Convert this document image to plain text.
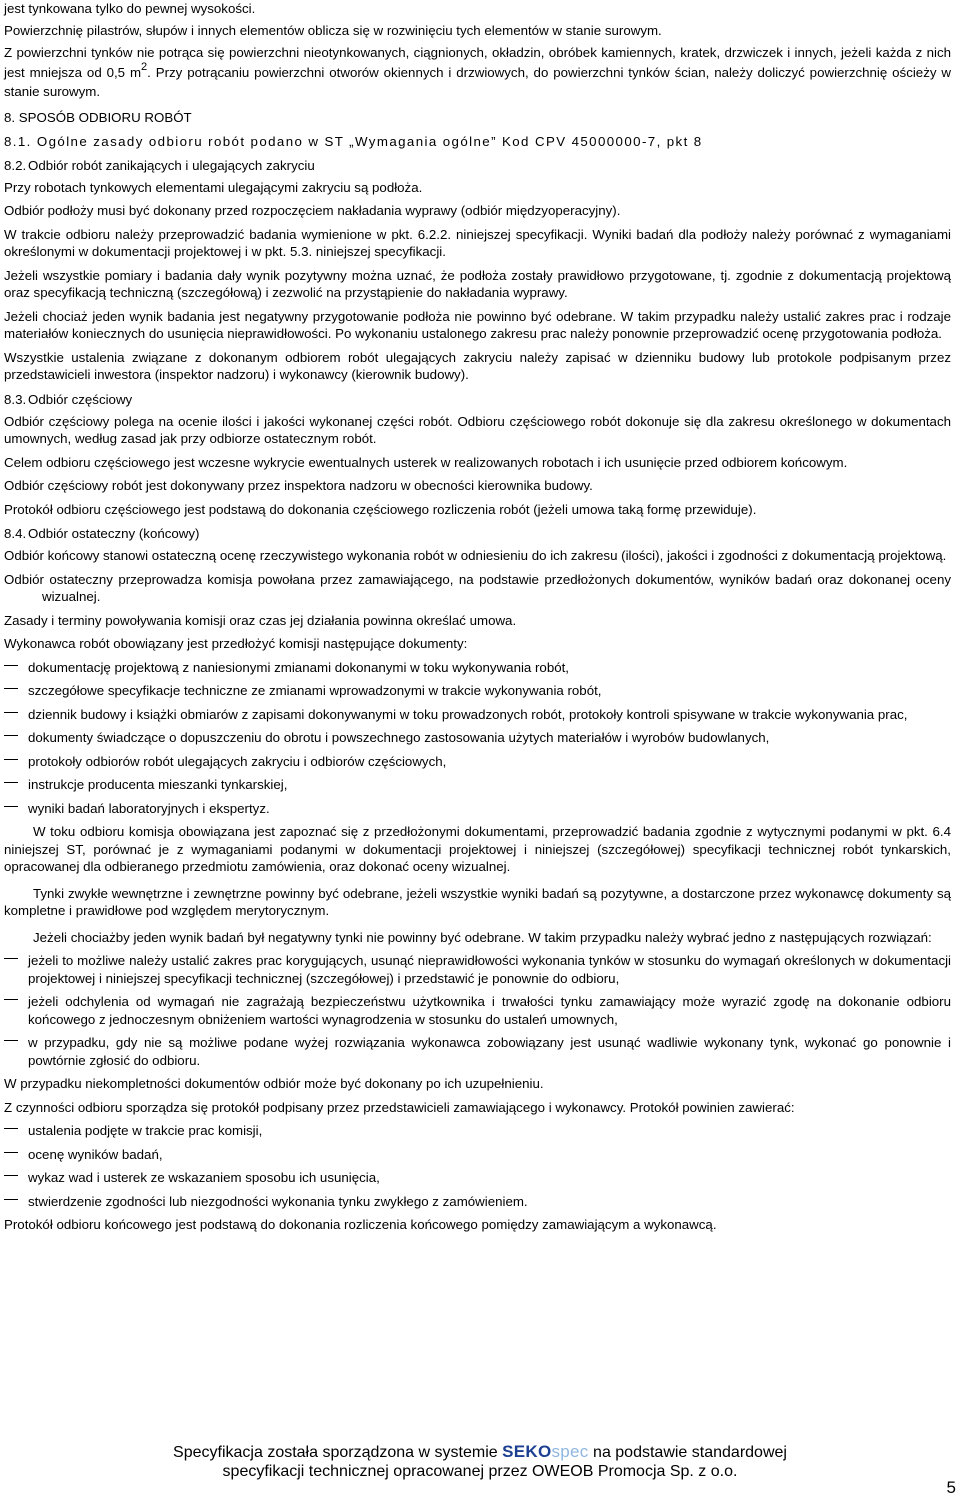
jest tynkowana tylko do pewnej wysokości.

Powierzchnię pilastrów, słupów i innych elementów oblicza się w rozwinięciu tych elementów w stanie surowym.

Z powierzchni tynków nie potrąca się powierzchni nieotynkowanych, ciągnionych, okładzin, obróbek kamiennych, kratek, drzwiczek i innych, jeżeli każda z nich jest mniejsza od 0,5 $m^2$. Przy potrącaniu powierzchni otworów okiennych i drzwiowych, do powierzchni tynków ścian, należy doliczyć powierzchnię ościeży w stanie surowym.

8. SPOSÓB ODBIORU ROBÓT

8.1. Ogólne zasady odbioru robót podano w ST „Wymagania ogólne” Kod CPV 45000000-7, pkt 8

8.2. Odbiór robót zanikających i ulegających zakryciu

Przy robotach tynkowych elementami ulegającymi zakryciu są podłoża.

Odbiór podłoży musi być dokonany przed rozpoczęciem nakładania wyprawy (odbiór międzyoperacyjny).

W trakcie odbioru należy przeprowadzić badania wymienione w pkt. 6.2.2. niniejszej specyfikacji. Wyniki badań dla podłoży należy porównać z wymaganiami określonymi w dokumentacji projektowej i w pkt. 5.3. niniejszej specyfikacji.

Jeżeli wszystkie pomiary i badania dały wynik pozytywny można uznać, że podłoża zostały prawidłowo przygotowane, tj. zgodnie z dokumentacją projektową oraz specyfikacją techniczną (szczegółową) i zezwolić na przystąpienie do nakładania wyprawy.

Jeżeli chociaż jeden wynik badania jest negatywny przygotowanie podłoża nie powinno być odebrane. W takim przypadku należy ustalić zakres prac i rodzaje materiałów koniecznych do usunięcia nieprawidłowości. Po wykonaniu ustalonego zakresu prac należy ponownie przeprowadzić ocenę przygotowania podłoża.

Wszystkie ustalenia związane z dokonanym odbiorem robót ulegających zakryciu należy zapisać w dzienniku budowy lub protokole podpisanym przez przedstawicieli inwestora (inspektor nadzoru) i wykonawcy (kierownik budowy).

8.3. Odbiór częściowy

Odbiór częściowy polega na ocenie ilości i jakości wykonanej części robót. Odbioru częściowego robót dokonuje się dla zakresu określonego w dokumentach umownych, według zasad jak przy odbiorze ostatecznym robót.

Celem odbioru częściowego jest wczesne wykrycie ewentualnych usterek w realizowanych robotach i ich usunięcie przed odbiorem końcowym.

Odbiór częściowy robót jest dokonywany przez inspektora nadzoru w obecności kierownika budowy.

Protokół odbioru częściowego jest podstawą do dokonania częściowego rozliczenia robót (jeżeli umowa taką formę przewiduje).

8.4. Odbiór ostateczny (końcowy)

Odbiór końcowy stanowi ostateczną ocenę rzeczywistego wykonania robót w odniesieniu do ich zakresu (ilości), jakości i zgodności z dokumentacją projektową.

Odbiór ostateczny przeprowadza komisja powołana przez zamawiającego, na podstawie przedłożonych dokumentów, wyników badań oraz dokonanej oceny wizualnej.

Zasady i terminy powoływania komisji oraz czas jej działania powinna określać umowa.

Wykonawca robót obowiązany jest przedłożyć komisji następujące dokumenty:

dokumentację projektową z naniesionymi zmianami dokonanymi w toku wykonywania robót,
szczegółowe specyfikacje techniczne ze zmianami wprowadzonymi w trakcie wykonywania robót,
dziennik budowy i książki obmiarów z zapisami dokonywanymi w toku prowadzonych robót, protokoły kontroli spisywane w trakcie wykonywania prac,
dokumenty świadczące o dopuszczeniu do obrotu i powszechnego zastosowania użytych materiałów i wyrobów budowlanych,
protokoły odbiorów robót ulegających zakryciu i odbiorów częściowych,
instrukcje producenta mieszanki tynkarskiej,
wyniki badań laboratoryjnych i ekspertyz.

W toku odbioru komisja obowiązana jest zapoznać się z przedłożonymi dokumentami, przeprowadzić badania zgodnie z wytycznymi podanymi w pkt. 6.4 niniejszej ST, porównać je z wymaganiami podanymi w dokumentacji projektowej i niniejszej (szczegółowej) specyfikacji technicznej robót tynkarskich, opracowanej dla odbieranego przedmiotu zamówienia, oraz dokonać oceny wizualnej.

Tynki zwykłe wewnętrzne i zewnętrzne powinny być odebrane, jeżeli wszystkie wyniki badań są pozytywne, a dostarczone przez wykonawcę dokumenty są kompletne i prawidłowe pod względem merytorycznym.

Jeżeli chociażby jeden wynik badań był negatywny tynki nie powinny być odebrane. W takim przypadku należy wybrać jedno z następujących rozwiązań:

jeżeli to możliwe należy ustalić zakres prac korygujących, usunąć nieprawidłowości wykonania tynków w stosunku do wymagań określonych w dokumentacji projektowej i niniejszej specyfikacji technicznej (szczegółowej) i przedstawić je ponownie do odbioru,
jeżeli odchylenia od wymagań nie zagrażają bezpieczeństwu użytkownika i trwałości tynku zamawiający może wyrazić zgodę na dokonanie odbioru końcowego z jednoczesnym obniżeniem wartości wynagrodzenia w stosunku do ustaleń umownych,
w przypadku, gdy nie są możliwe podane wyżej rozwiązania wykonawca zobowiązany jest usunąć wadliwie wykonany tynk, wykonać go ponownie i powtórnie zgłosić do odbioru.

W przypadku niekompletności dokumentów odbiór może być dokonany po ich uzupełnieniu.

Z czynności odbioru sporządza się protokół podpisany przez przedstawicieli zamawiającego i wykonawcy. Protokół powinien zawierać:

ustalenia podjęte w trakcie prac komisji,
ocenę wyników badań,
wykaz wad i usterek ze wskazaniem sposobu ich usunięcia,
stwierdzenie zgodności lub niezgodności wykonania tynku zwykłego z zamówieniem.

Protokół odbioru końcowego jest podstawą do dokonania rozliczenia końcowego pomiędzy zamawiającym a wykonawcą.

Specyfikacja została sporządzona w systemie SEKOspec na podstawie standardowej
specyfikacji technicznej opracowanej przez OWEOB Promocja Sp. z o.o.
5
